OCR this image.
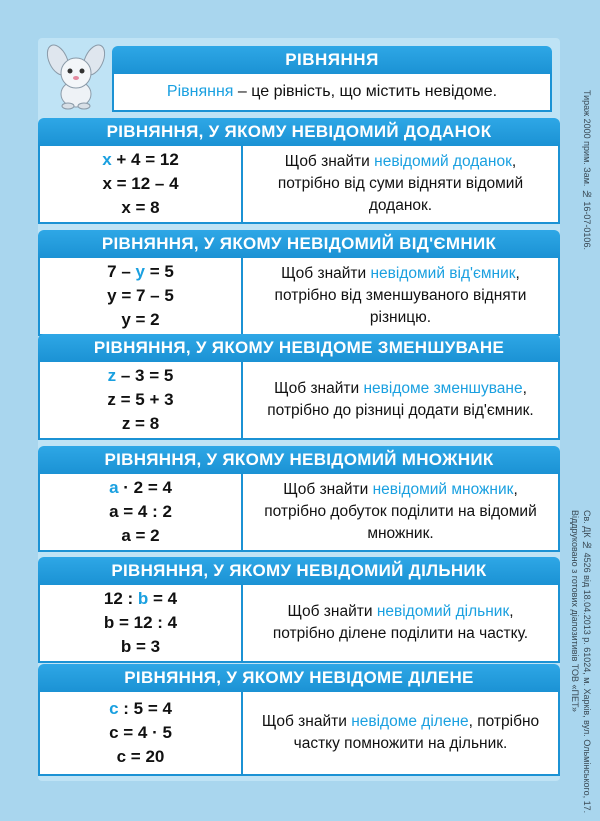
РІВНЯННЯ
Рівняння – це рівність, що містить невідоме.
РІВНЯННЯ, У ЯКОМУ НЕВІДОМИЙ ДОДАНОК
x + 4 = 12
x = 12 – 4
x = 8
Щоб знайти невідомий доданок, потрібно від суми відняти відомий доданок.
РІВНЯННЯ, У ЯКОМУ НЕВІДОМИЙ ВІД'ЄМНИК
7 – y = 5
y = 7 – 5
y = 2
Щоб знайти невідомий від'ємник, потрібно від зменшуваного відняти різницю.
РІВНЯННЯ, У ЯКОМУ НЕВІДОМЕ ЗМЕНШУВАНЕ
z – 3 = 5
z = 5 + 3
z = 8
Щоб знайти невідоме зменшуване, потрібно до різниці додати від'ємник.
РІВНЯННЯ, У ЯКОМУ НЕВІДОМИЙ МНОЖНИК
a · 2 = 4
a = 4 : 2
a = 2
Щоб знайти невідомий множник, потрібно добуток поділити на відомий множник.
РІВНЯННЯ, У ЯКОМУ НЕВІДОМИЙ ДІЛЬНИК
12 : b = 4
b = 12 : 4
b = 3
Щоб знайти невідомий дільник, потрібно ділене поділити на частку.
РІВНЯННЯ, У ЯКОМУ НЕВІДОМЕ ДІЛЕНЕ
c : 5 = 4
c = 4 · 5
c = 20
Щоб знайти невідоме ділене, потрібно частку помножити на дільник.
Тираж 2000 прим. Зам. № 16-07-0106.
Віддруковано з готових діапозитивів ТОВ «ПЕТ» Св. ДК № 4526 від 18.04.2013 р. 61024, м. Харків, вул. Ольмінського, 17.
